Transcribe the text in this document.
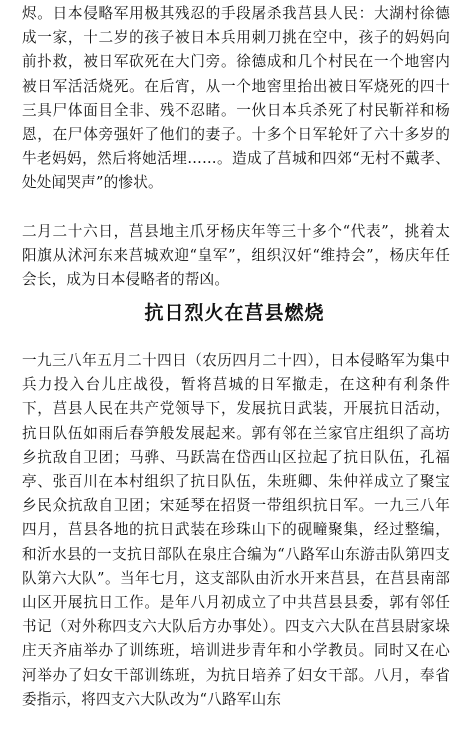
烬。日本侵略军用极其残忍的手段屠杀我莒县人民：大湖村徐德成一家，十二岁的孩子被日本兵用刺刀挑在空中，孩子的妈妈向前扑救，被日军砍死在大门旁。徐德成和几个村民在一个地窖内被日军活活烧死。在后宵，从一个地窖里抬出被日军烧死的四十三具尸体面目全非、残不忍睹。一伙日本兵杀死了村民靳祥和杨恩，在尸体旁强奸了他们的妻子。十多个日军轮奸了六十多岁的牛老妈妈，然后将她活埋……。造成了莒城和四郊“无村不戴孝、处处闻哭声”的惨状。

二月二十六日，莒县地主爪牙杨庆年等三十多个“代表”，挑着太阳旗从沭河东来莒城欢迎“皇军”，组织汉奸“维持会”，杨庆年任会长，成为日本侵略者的帮凶。

抗日烈火在莒县燃烧

一九三八年五月二十四日（农历四月二十四），日本侵略军为集中兵力投入台儿庄战役，暂将莒城的日军撤走，在这种有利条件下，莒县人民在共产党领导下，发展抗日武装，开展抗日活动，抗日队伍如雨后春笋般发展起来。郭有邻在兰家官庄组织了高坊乡抗敌自卫团；马骅、马跃嵩在岱西山区拉起了抗日队伍，孔福亭、张百川在本村组织了抗日队伍，朱班卿、朱仲祥成立了聚宝乡民众抗敌自卫团；宋延琴在招贤一带组织抗日军。一九三八年四月，莒县各地的抗日武装在珍珠山下的砚疃聚集，经过整编，和沂水县的一支抗日部队在泉庄合编为“八路军山东游击队第四支队第六大队”。当年七月，这支部队由沂水开来莒县，在莒县南部山区开展抗日工作。是年八月初成立了中共莒县县委，郭有邻任书记（对外称四支六大队后方办事处）。四支六大队在莒县尉家垛庄天齐庙举办了训练班，培训进步青年和小学教员。同时又在心河举办了妇女干部训练班，为抗日培养了妇女干部。八月，奉省委指示，将四支六大队改为“八路军山东
